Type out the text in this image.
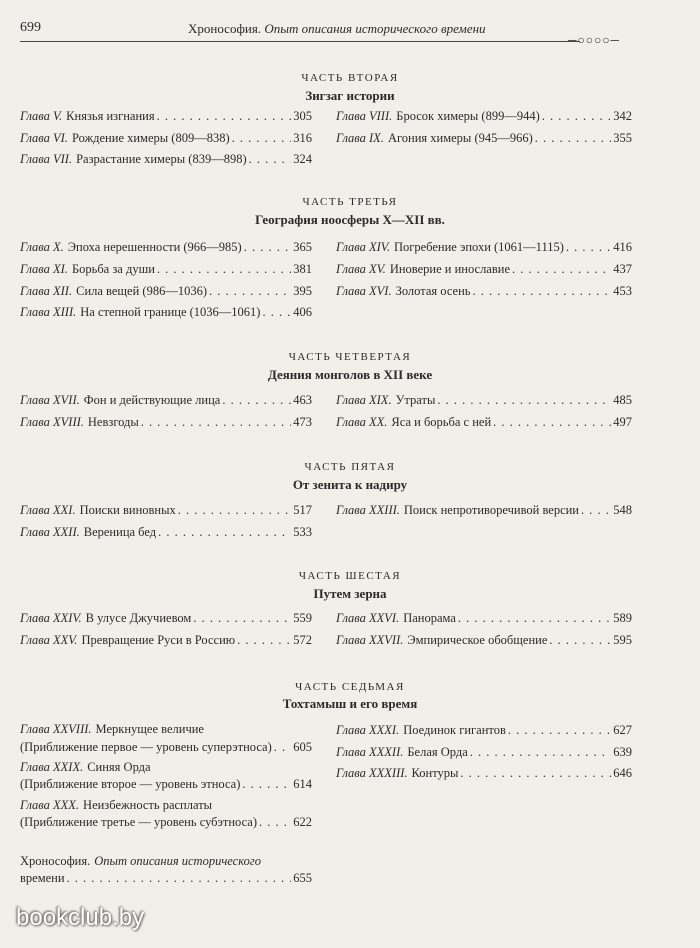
699	Хронософия. Опыт описания исторического времени
─○○○○─
ЧАСТЬ ВТОРАЯ
Зигзаг истории
Глава V. Князья изгнания . . .	305
Глава VI. Рождение химеры (809—838) . . .	316
Глава VII. Разрастание химеры (839—898) . . .	324
Глава VIII. Бросок химеры (899—944) . . .	342
Глава IX. Агония химеры (945—966) . . .	355
ЧАСТЬ ТРЕТЬЯ
География ноосферы X—XII вв.
Глава X. Эпоха нерешенности (966—985) . . .	365
Глава XI. Борьба за души . . .	381
Глава XII. Сила вещей (986—1036) . . .	395
Глава XIII. На степной границе (1036—1061) . . .	406
Глава XIV. Погребение эпохи (1061—1115) . . .	416
Глава XV. Иноверие и инославие . . .	437
Глава XVI. Золотая осень . . .	453
ЧАСТЬ ЧЕТВЕРТАЯ
Деяния монголов в XII веке
Глава XVII. Фон и действующие лица . . .	463
Глава XVIII. Невзгоды . . .	473
Глава XIX. Утраты . . .	485
Глава XX. Яса и борьба с ней . . .	497
ЧАСТЬ ПЯТАЯ
От зенита к надиру
Глава XXI. Поиски виновных . . .	517
Глава XXII. Вереница бед . . .	533
Глава XXIII. Поиск непротиворечивой версии . . .	548
ЧАСТЬ ШЕСТАЯ
Путем зерна
Глава XXIV. В улусе Джучиевом . . .	559
Глава XXV. Превращение Руси в Россию . . .	572
Глава XXVI. Панорама . . .	589
Глава XXVII. Эмпирическое обобщение . . .	595
ЧАСТЬ СЕДЬМАЯ
Тохтамыш и его время
Глава XXVIII. Меркнущее величие
(Приближение первое — уровень суперэтноса) . . . 605
Глава XXIX. Синяя Орда
(Приближение второе — уровень этноса) . . .	614
Глава XXX. Неизбежность расплаты
(Приближение третье — уровень субэтноса) . . .	622
Глава XXXI. Поединок гигантов . . .	627
Глава XXXII. Белая Орда . . .	639
Глава XXXIII. Контуры . . .	646
Хронософия. Опыт описания исторического
времени . . .	655
bookclub.by
